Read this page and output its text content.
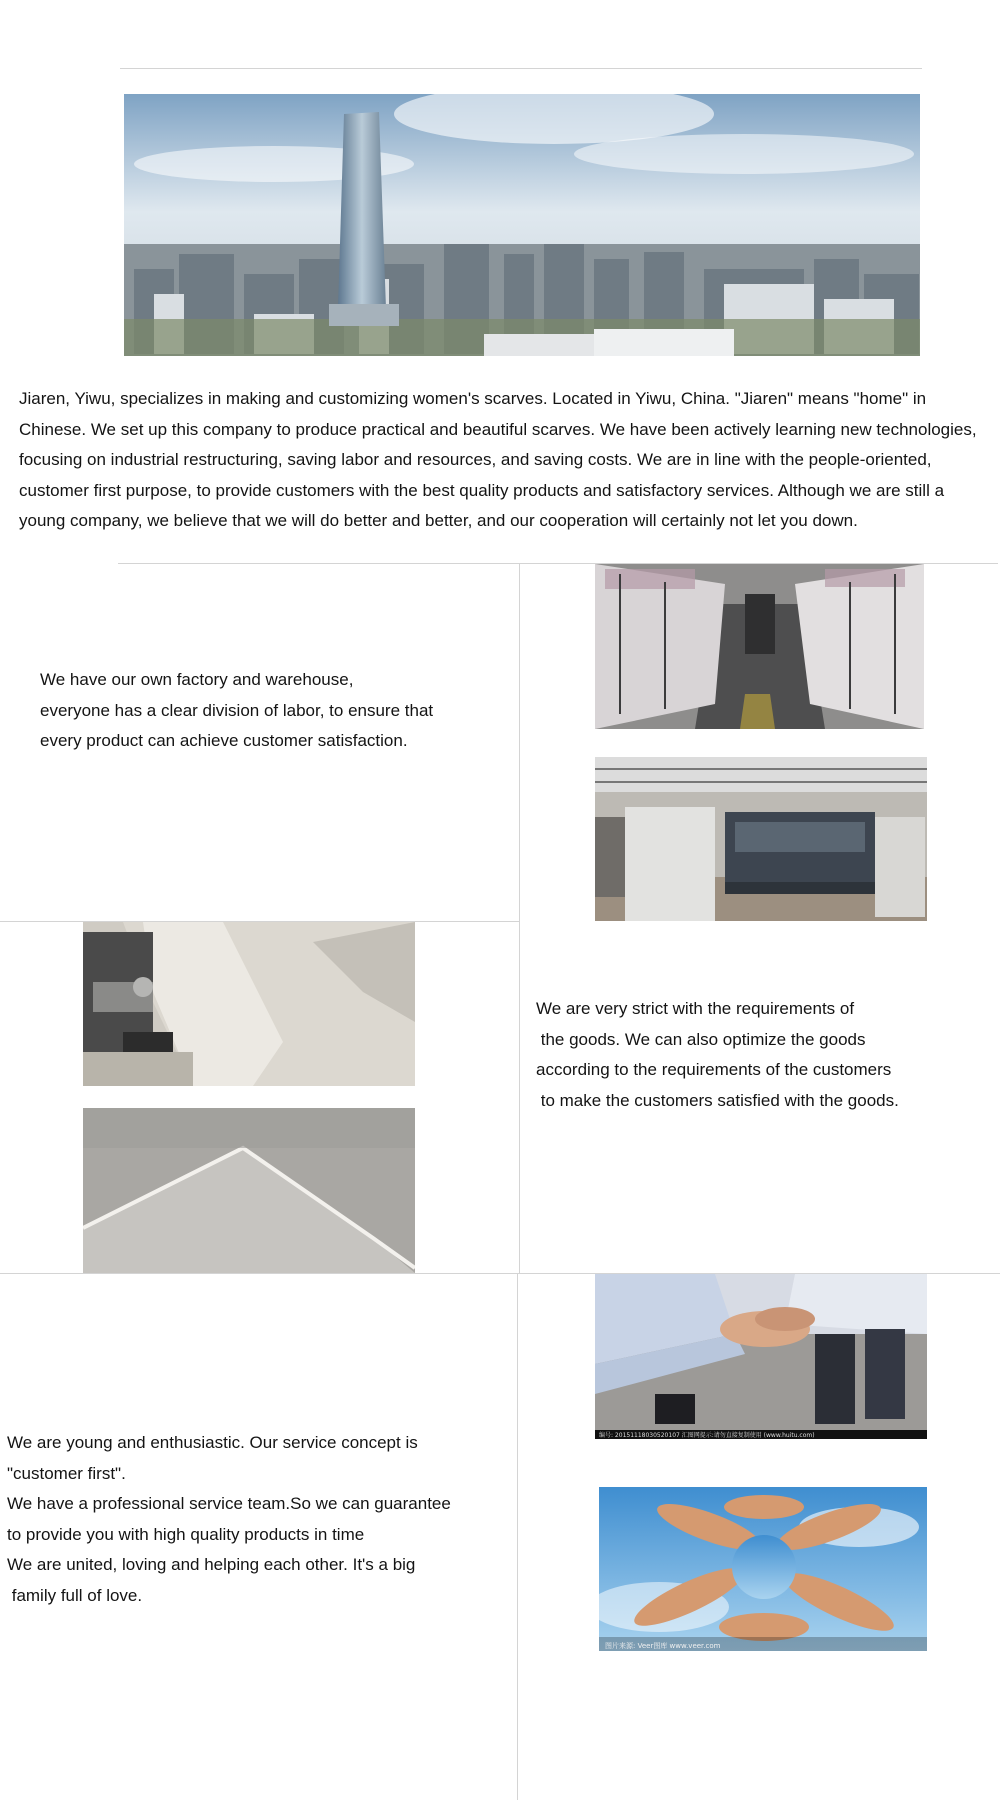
Jiaren, Yiwu, specializes in making and customizing women's scarves. Located in Yiwu, China. "Jiaren" means "home" in
Chinese. We set up this company to produce practical and beautiful scarves. We have been actively learning new technologies,
focusing on industrial restructuring, saving labor and resources, and saving costs. We are in line with the people-oriented,
customer first purpose, to provide customers with the best quality products and satisfactory services. Although we are still a
young company, we believe that we will do better and better, and our cooperation will certainly not let you down.
We have our own factory and warehouse,
everyone has a clear division of labor, to ensure that
every product can achieve customer satisfaction.
We are very strict with the requirements of
the goods. We can also optimize the goods
according to the requirements of the customers
to make the customers satisfied with the goods.
编号: 20151118030520107 汇图网提示:请勿直接复制使用 (www.huitu.com)
图片来源: Veer图库 www.veer.com
We are young and enthusiastic. Our service concept is
"customer first".
We have a professional service team.So we can guarantee
to provide you with high quality products in time
We are united, loving and helping each other. It's a big
family full of love.
